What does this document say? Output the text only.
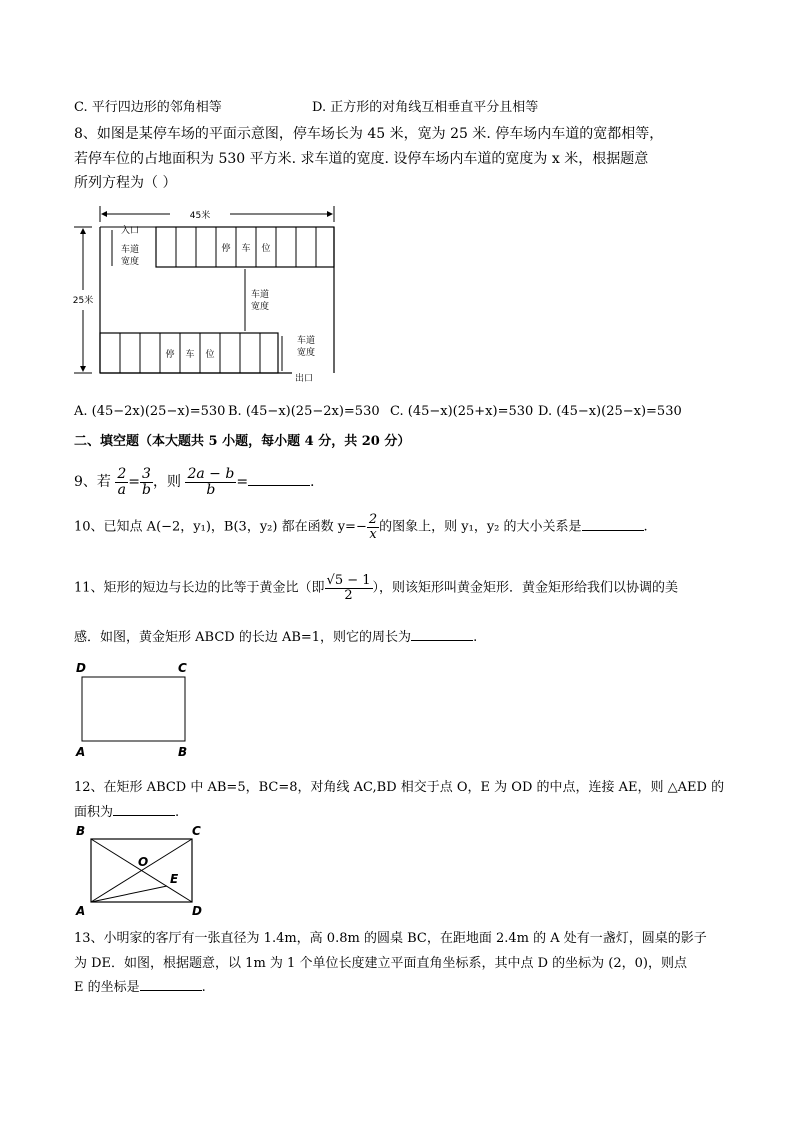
C. 平行四边形的邻角相等	D. 正方形的对角线互相垂直平分且相等
8、如图是某停车场的平面示意图，停车场长为 45 米，宽为 25 米. 停车场内车道的宽都相等，
若停车位的占地面积为 530 平方米. 求车道的宽度. 设停车场内车道的宽度为 x 米，根据题意
所列方程为（ ）
45米
25米
入口
停 车 位
车道
宽度
车道
宽度
停 车 位
车道
宽度
出口
A. (45−2x)(25−x)=530 B. (45−x)(25−2x)=530 C. (45−x)(25+x)=530 D. (45−x)(25−x)=530
二、填空题（本大题共 5 小题，每小题 4 分，共 20 分）
9、若 $\frac{2}{a} = \frac{3}{b}$ ，则 $\frac{2a - b}{b}$ =	.
10、已知点 A(−2，y₁)，B(3，y₂) 都在函数 $y=- \frac{2}{x}$ 的图象上，则 y₁，y₂ 的大小关系是	.
11、矩形的短边与长边的比等于黄金比（即 $\frac{√5 - 1}{2}$ ），则该矩形叫黄金矩形．黄金矩形给我们以协调的美
感．如图，黄金矩形 ABCD 的长边 AB=1，则它的周长为	.
D	C
A	B
12、在矩形 ABCD 中 AB=5，BC=8，对角线 AC,BD 相交于点 O，E 为 OD 的中点，连接 AE，则 △AED 的
面积为	.
B	C
A	D
O
E
13、小明家的客厅有一张直径为 1.4m，高 0.8m 的圆桌 BC，在距地面 2.4m 的 A 处有一盏灯，圆桌的影子
为 DE．如图，根据题意，以 1m 为 1 个单位长度建立平面直角坐标系，其中点 D 的坐标为 (2，0)，则点
E 的坐标是	.
